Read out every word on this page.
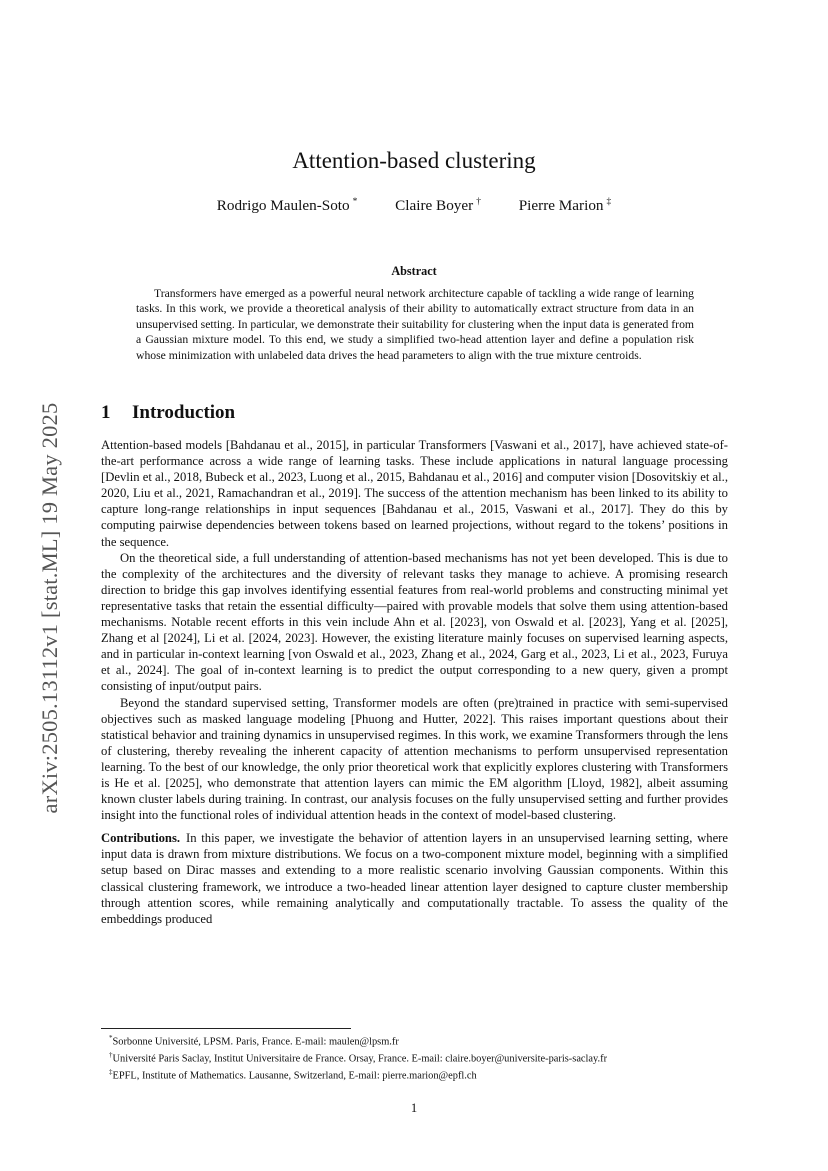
arXiv:2505.13112v1 [stat.ML] 19 May 2025
Attention-based clustering
Rodrigo Maulen-Soto * Claire Boyer † Pierre Marion ‡
Abstract

Transformers have emerged as a powerful neural network architecture capable of tackling a wide range of learning tasks. In this work, we provide a theoretical analysis of their ability to automatically extract structure from data in an unsupervised setting. In particular, we demonstrate their suitability for clustering when the input data is generated from a Gaussian mixture model. To this end, we study a simplified two-head attention layer and define a population risk whose minimization with unlabeled data drives the head parameters to align with the true mixture centroids.

1 Introduction

Attention-based models [Bahdanau et al., 2015], in particular Transformers [Vaswani et al., 2017], have achieved state-of-the-art performance across a wide range of learning tasks. These include applications in natural language processing [Devlin et al., 2018, Bubeck et al., 2023, Luong et al., 2015, Bahdanau et al., 2016] and computer vision [Dosovitskiy et al., 2020, Liu et al., 2021, Ramachandran et al., 2019]. The success of the attention mechanism has been linked to its ability to capture long-range relationships in input sequences [Bahdanau et al., 2015, Vaswani et al., 2017]. They do this by computing pairwise dependencies between tokens based on learned projections, without regard to the tokens’ positions in the sequence.

On the theoretical side, a full understanding of attention-based mechanisms has not yet been developed. This is due to the complexity of the architectures and the diversity of relevant tasks they manage to achieve. A promising research direction to bridge this gap involves identifying essential features from real-world problems and constructing minimal yet representative tasks that retain the essential difficulty—paired with provable models that solve them using attention-based mechanisms. Notable recent efforts in this vein include Ahn et al. [2023], von Oswald et al. [2023], Yang et al. [2025], Zhang et al [2024], Li et al. [2024, 2023]. However, the existing literature mainly focuses on supervised learning aspects, and in particular in-context learning [von Oswald et al., 2023, Zhang et al., 2024, Garg et al., 2023, Li et al., 2023, Furuya et al., 2024]. The goal of in-context learning is to predict the output corresponding to a new query, given a prompt consisting of input/output pairs.

Beyond the standard supervised setting, Transformer models are often (pre)trained in practice with semi-supervised objectives such as masked language modeling [Phuong and Hutter, 2022]. This raises important questions about their statistical behavior and training dynamics in unsupervised regimes. In this work, we examine Transformers through the lens of clustering, thereby revealing the inherent capacity of attention mechanisms to perform unsupervised representation learning. To the best of our knowledge, the only prior theoretical work that explicitly explores clustering with Transformers is He et al. [2025], who demonstrate that attention layers can mimic the EM algorithm [Lloyd, 1982], albeit assuming known cluster labels during training. In contrast, our analysis focuses on the fully unsupervised setting and further provides insight into the functional roles of individual attention heads in the context of model-based clustering.

Contributions. In this paper, we investigate the behavior of attention layers in an unsupervised learning setting, where input data is drawn from mixture distributions. We focus on a two-component mixture model, beginning with a simplified setup based on Dirac masses and extending to a more realistic scenario involving Gaussian components. Within this classical clustering framework, we introduce a two-headed linear attention layer designed to capture cluster membership through attention scores, while remaining analytically and computationally tractable. To assess the quality of the embeddings produced

*Sorbonne Université, LPSM. Paris, France. E-mail: maulen@lpsm.fr
†Université Paris Saclay, Institut Universitaire de France. Orsay, France. E-mail: claire.boyer@universite-paris-saclay.fr
‡EPFL, Institute of Mathematics. Lausanne, Switzerland, E-mail: pierre.marion@epfl.ch
1
